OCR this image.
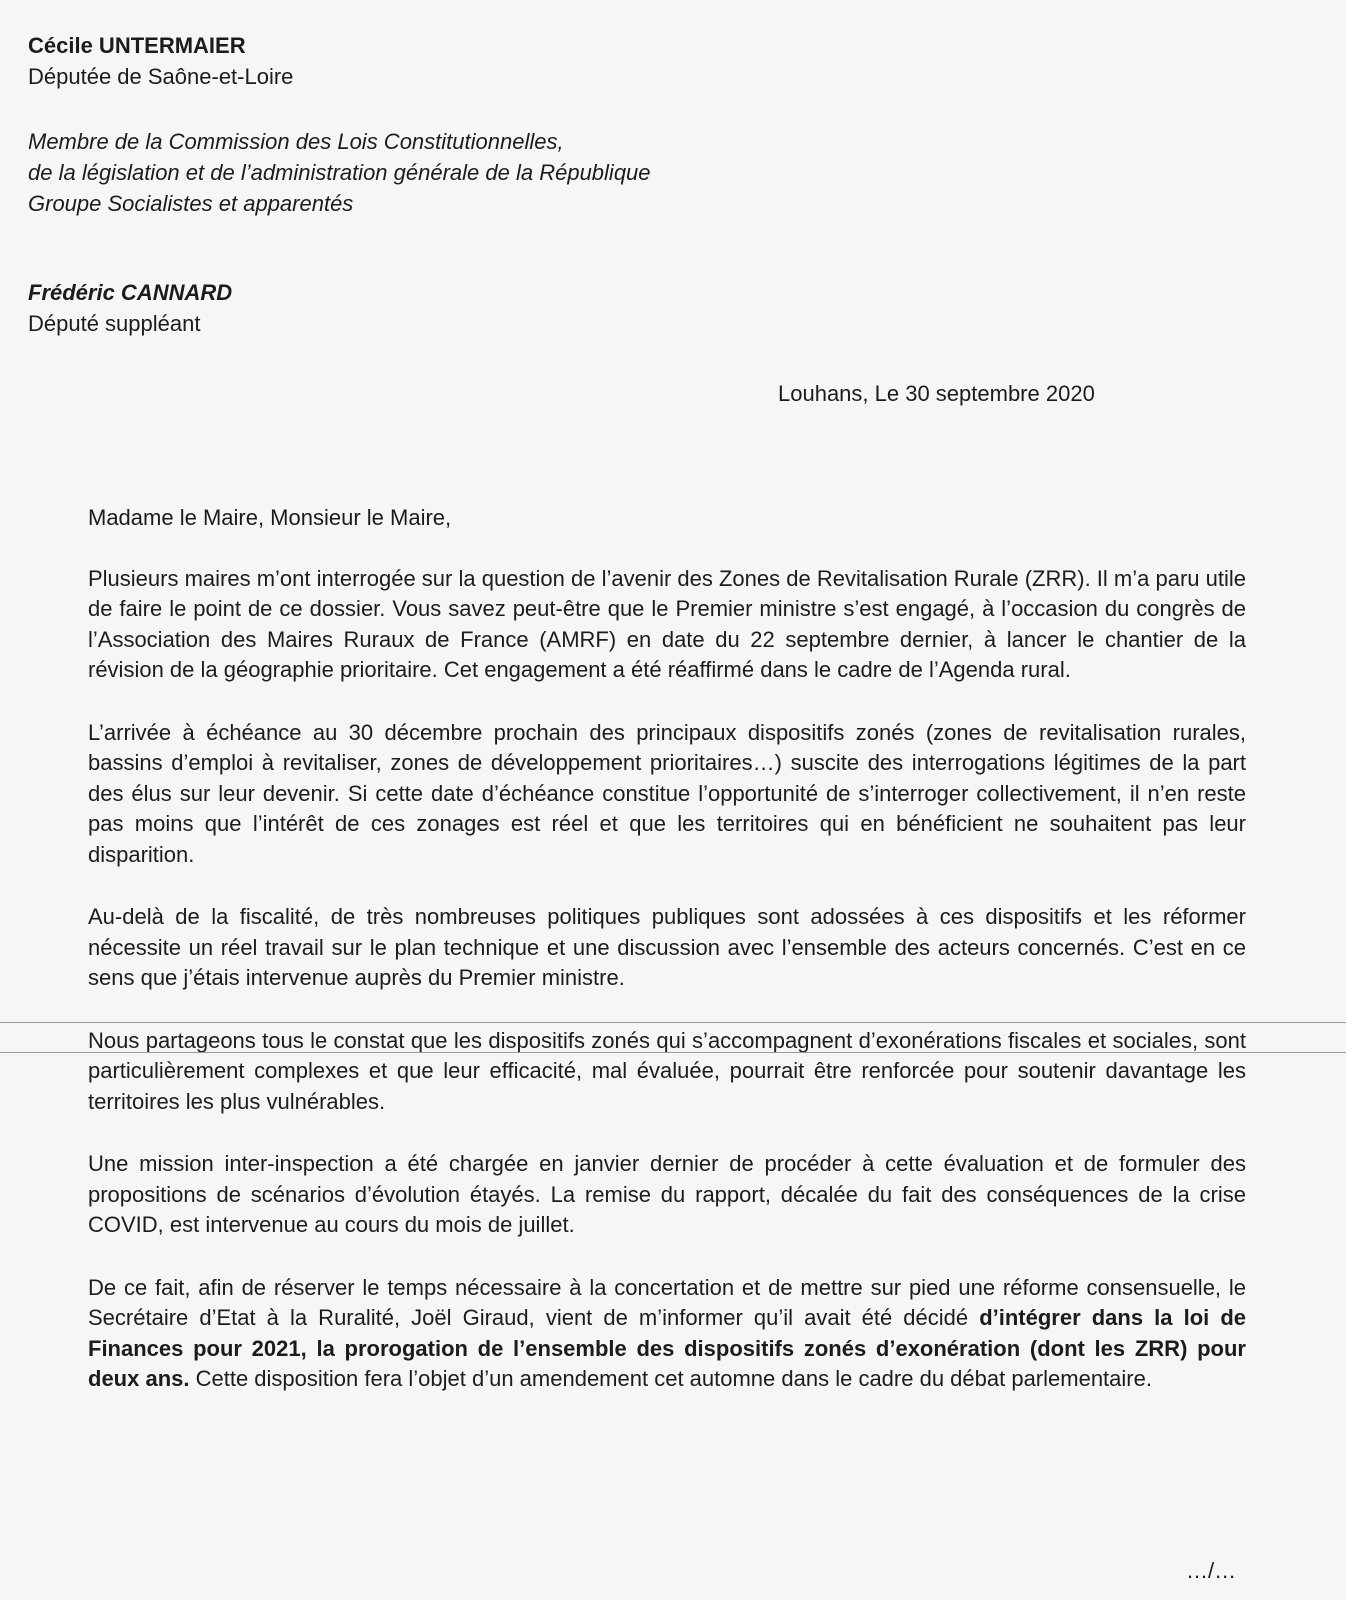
Cécile UNTERMAIER
Députée de Saône-et-Loire
Membre de la Commission des Lois Constitutionnelles,
de la législation et de l’administration générale de la République
Groupe Socialistes et apparentés
Frédéric CANNARD
Député suppléant
Louhans, Le 30 septembre 2020

Madame le Maire, Monsieur le Maire,

Plusieurs maires m’ont interrogée sur la question de l’avenir des Zones de Revitalisation Rurale (ZRR). Il m’a paru utile de faire le point de ce dossier. Vous savez peut-être que le Premier ministre s’est engagé, à l’occasion du congrès de l’Association des Maires Ruraux de France (AMRF) en date du 22 septembre dernier, à lancer le chantier de la révision de la géographie prioritaire. Cet engagement a été réaffirmé dans le cadre de l’Agenda rural.

L’arrivée à échéance au 30 décembre prochain des principaux dispositifs zonés (zones de revitalisation rurales, bassins d’emploi à revitaliser, zones de développement prioritaires…) suscite des interrogations légitimes de la part des élus sur leur devenir. Si cette date d’échéance constitue l’opportunité de s’interroger collectivement, il n’en reste pas moins que l’intérêt de ces zonages est réel et que les territoires qui en bénéficient ne souhaitent pas leur disparition.

Au-delà de la fiscalité, de très nombreuses politiques publiques sont adossées à ces dispositifs et les réformer nécessite un réel travail sur le plan technique et une discussion avec l’ensemble des acteurs concernés. C’est en ce sens que j’étais intervenue auprès du Premier ministre.

Nous partageons tous le constat que les dispositifs zonés qui s’accompagnent d’exonérations fiscales et sociales, sont particulièrement complexes et que leur efficacité, mal évaluée, pourrait être renforcée pour soutenir davantage les territoires les plus vulnérables.

Une mission inter-inspection a été chargée en janvier dernier de procéder à cette évaluation et de formuler des propositions de scénarios d’évolution étayés. La remise du rapport, décalée du fait des conséquences de la crise COVID, est intervenue au cours du mois de juillet.

De ce fait, afin de réserver le temps nécessaire à la concertation et de mettre sur pied une réforme consensuelle, le Secrétaire d’Etat à la Ruralité, Joël Giraud, vient de m’informer qu’il avait été décidé d’intégrer dans la loi de Finances pour 2021, la prorogation de l’ensemble des dispositifs zonés d’exonération (dont les ZRR) pour deux ans. Cette disposition fera l’objet d’un amendement cet automne dans le cadre du débat parlementaire.

…/…
